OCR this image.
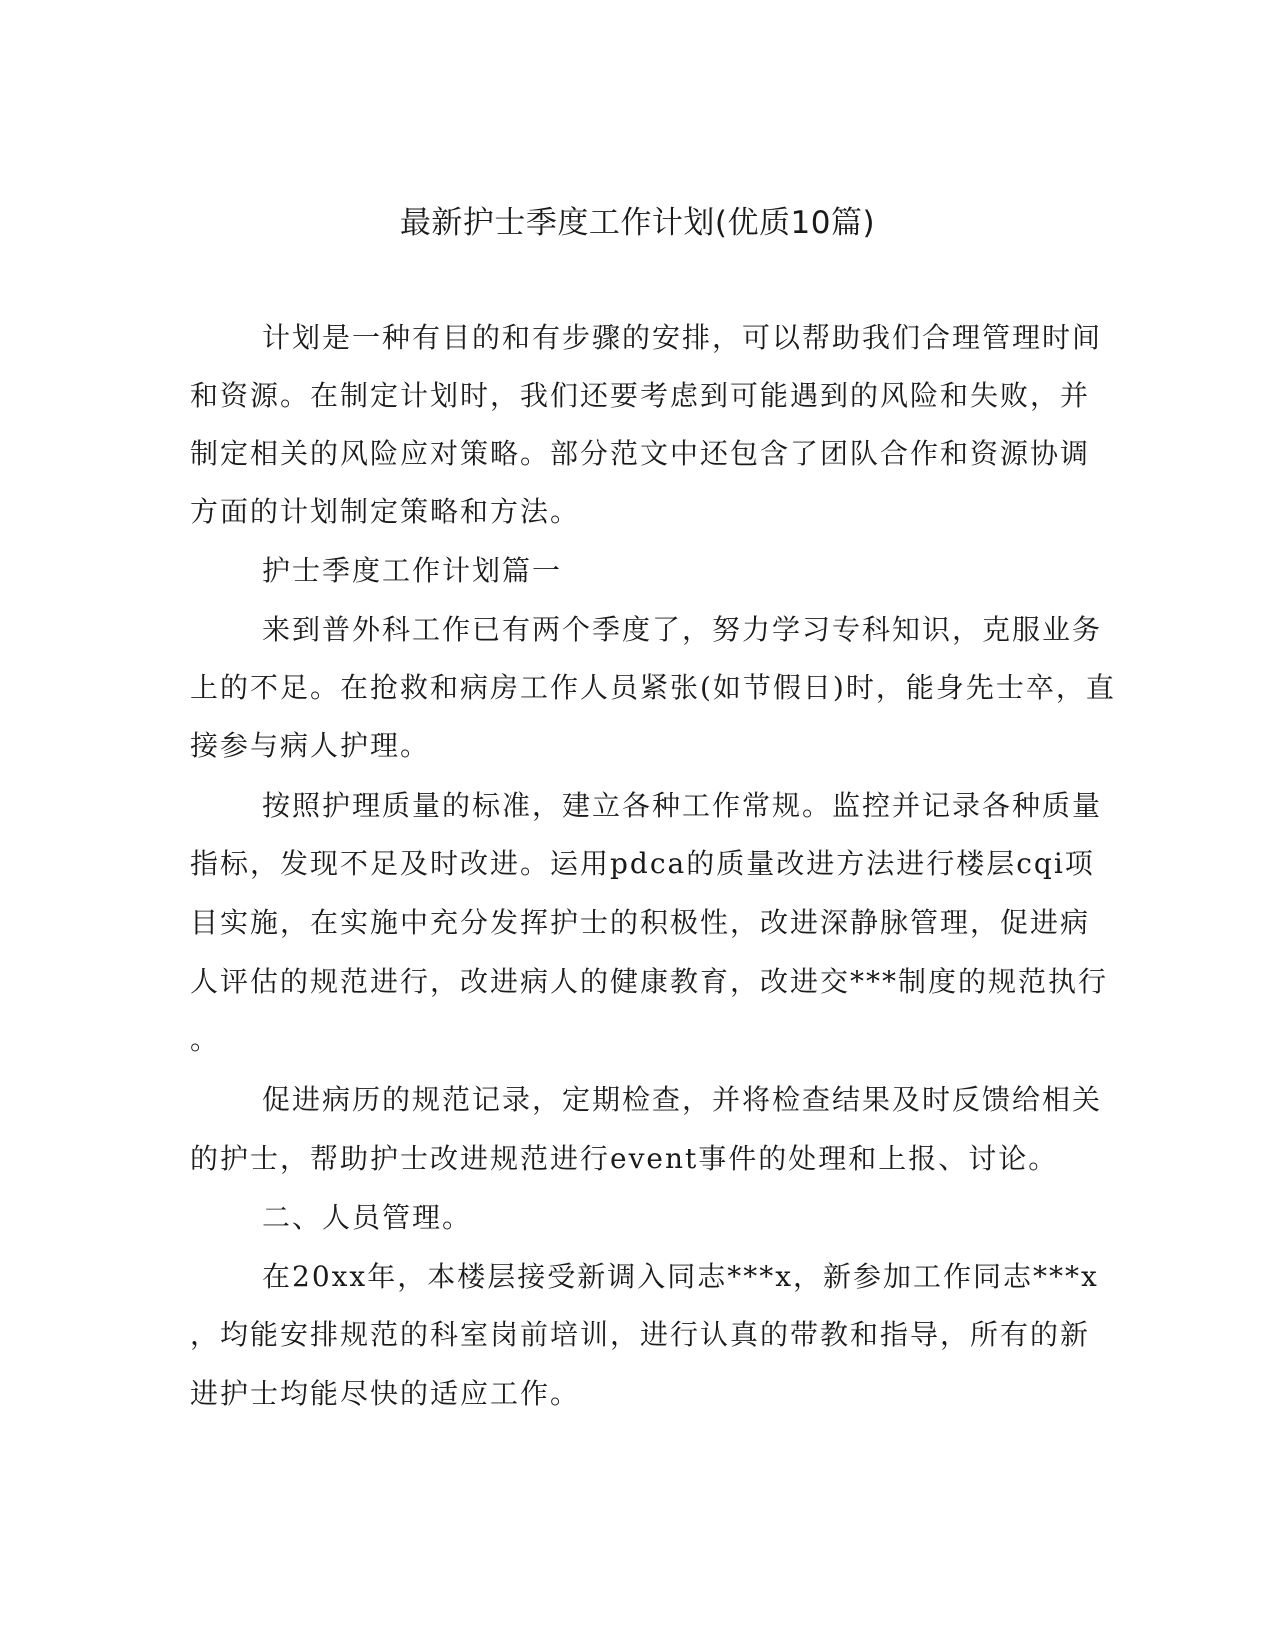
最新护士季度工作计划(优质10篇)
计划是一种有目的和有步骤的安排，可以帮助我们合理管理时间
和资源。在制定计划时，我们还要考虑到可能遇到的风险和失败，并
制定相关的风险应对策略。部分范文中还包含了团队合作和资源协调
方面的计划制定策略和方法。
护士季度工作计划篇一
来到普外科工作已有两个季度了，努力学习专科知识，克服业务
上的不足。在抢救和病房工作人员紧张(如节假日)时，能身先士卒，直
接参与病人护理。
按照护理质量的标准，建立各种工作常规。监控并记录各种质量
指标，发现不足及时改进。运用pdca的质量改进方法进行楼层cqi项
目实施，在实施中充分发挥护士的积极性，改进深静脉管理，促进病
人评估的规范进行，改进病人的健康教育，改进交***制度的规范执行
。
促进病历的规范记录，定期检查，并将检查结果及时反馈给相关
的护士，帮助护士改进规范进行event事件的处理和上报、讨论。
二、人员管理。
在20xx年，本楼层接受新调入同志***x，新参加工作同志***x
，均能安排规范的科室岗前培训，进行认真的带教和指导，所有的新
进护士均能尽快的适应工作。
